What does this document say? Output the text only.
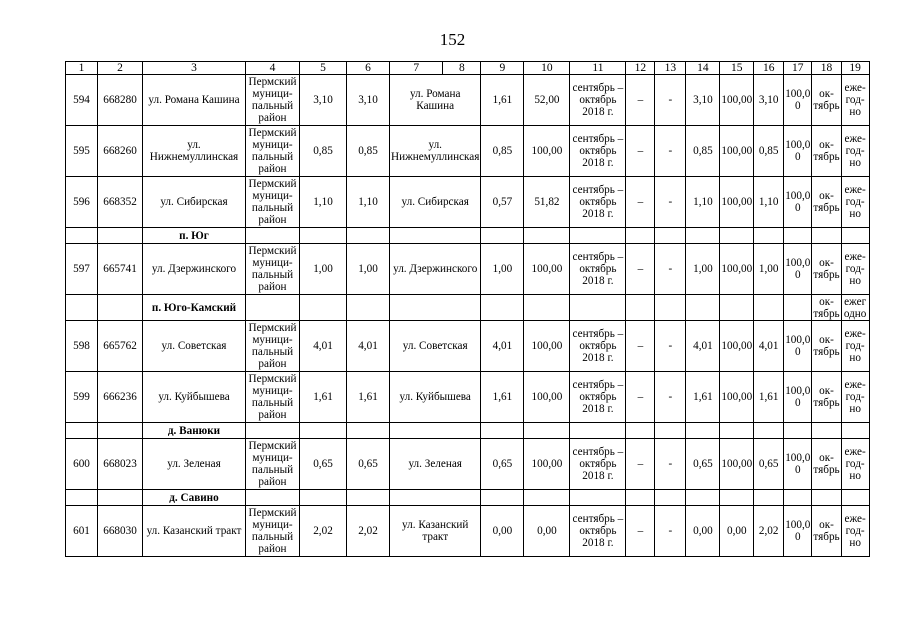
152
1	2	3	4	5	6	7	8	9	10	11	12	13	14	15	16	17	18	19
594	668280	ул. Романа Кашина	Пермский муници-пальный район	3,10	3,10	ул. Романа Кашина		1,61	52,00	сентябрь – октябрь 2018 г.	–	-	3,10	100,00	3,10	100,0 0	ок-тябрь	еже-год-но
595	668260	ул. Нижнемуллинская	Пермский муници-пальный район	0,85	0,85	ул. Нижнемуллинская		0,85	100,00	сентябрь – октябрь 2018 г.	–	-	0,85	100,00	0,85	100,0 0	ок-тябрь	еже-год-но
596	668352	ул. Сибирская	Пермский муници-пальный район	1,10	1,10	ул. Сибирская		0,57	51,82	сентябрь – октябрь 2018 г.	–	-	1,10	100,00	1,10	100,0 0	ок-тябрь	еже-год-но
		п. Юг																
597	665741	ул. Дзержинского	Пермский муници-пальный район	1,00	1,00	ул. Дзержинского		1,00	100,00	сентябрь – октябрь 2018 г.	–	-	1,00	100,00	1,00	100,0 0	ок-тябрь	еже-год-но
		п. Юго-Камский															ок-тябрь	ежег одно
598	665762	ул. Советская	Пермский муници-пальный район	4,01	4,01	ул. Советская		4,01	100,00	сентябрь – октябрь 2018 г.	–	-	4,01	100,00	4,01	100,0 0	ок-тябрь	еже-год-но
599	666236	ул. Куйбышева	Пермский муници-пальный район	1,61	1,61	ул. Куйбышева		1,61	100,00	сентябрь – октябрь 2018 г.	–	-	1,61	100,00	1,61	100,0 0	ок-тябрь	еже-год-но
		д. Ванюки																
600	668023	ул. Зеленая	Пермский муници-пальный район	0,65	0,65	ул. Зеленая		0,65	100,00	сентябрь – октябрь 2018 г.	–	-	0,65	100,00	0,65	100,0 0	ок-тябрь	еже-год-но
		д. Савино																
601	668030	ул. Казанский тракт	Пермский муници-пальный район	2,02	2,02	ул. Казанский тракт		0,00	0,00	сентябрь – октябрь 2018 г.	–	-	0,00	0,00	2,02	100,0 0	ок-тябрь	еже-год-но
